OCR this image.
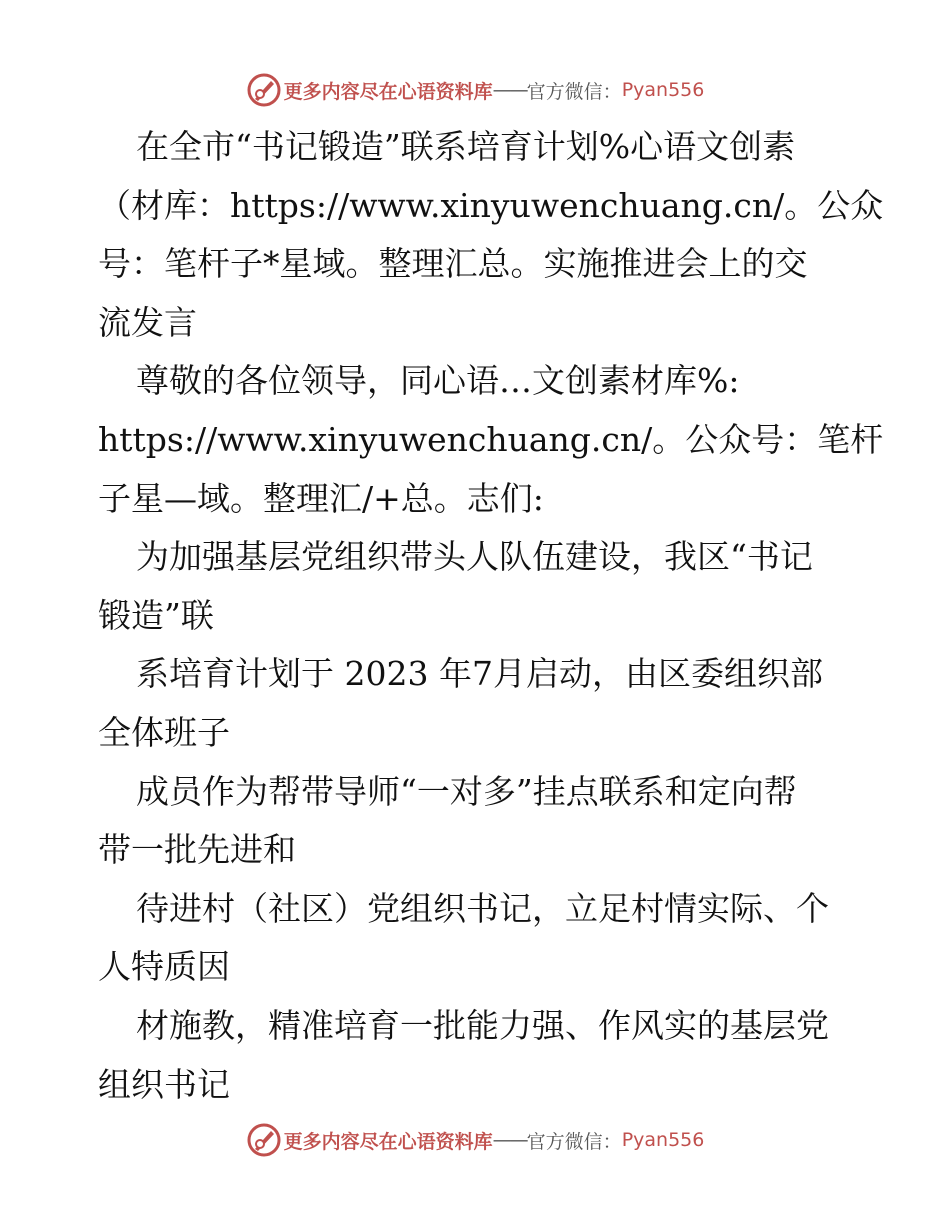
更多内容尽在心语资料库 —— 官方微信： Pyan556

在全市“书记锻造”联系培育计划%心语文创素

（材库：https://www.xinyuwenchuang.cn/。公众

号：笔杆子*星域。整理汇总。实施推进会上的交

流发言

尊敬的各位领导，同心语…文创素材库%:

https://www.xinyuwenchuang.cn/。公众号：笔杆

子星—域。整理汇/+总。志们:

为加强基层党组织带头人队伍建设，我区“书记

锻造”联

系培育计划于 2023 年7月启动，由区委组织部

全体班子

成员作为帮带导师“一对多”挂点联系和定向帮

带一批先进和

待进村（社区）党组织书记，立足村情实际、个

人特质因

材施教，精准培育一批能力强、作风实的基层党

组织书记

更多内容尽在心语资料库 —— 官方微信： Pyan556
